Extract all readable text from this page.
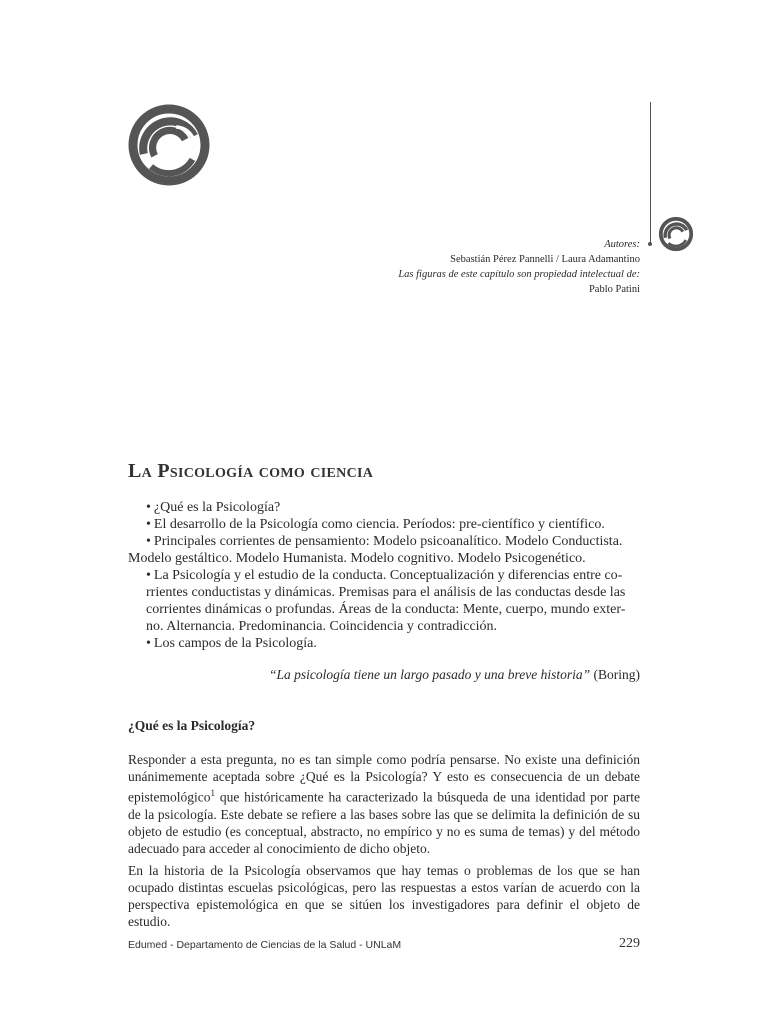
Autores:
Sebastián Pérez Pannelli / Laura Adamantino
Las figuras de este capítulo son propiedad intelectual de:
Pablo Patini
La Psicología como ciencia
• ¿Qué es la Psicología?
• El desarrollo de la Psicología como ciencia. Períodos: pre-científico y científico.
• Principales corrientes de pensamiento: Modelo psicoanalítico. Modelo Conductista.
Modelo gestáltico. Modelo Humanista. Modelo cognitivo. Modelo Psicogenético.
• La Psicología y el estudio de la conducta. Conceptualización y diferencias entre co-
rrientes conductistas y dinámicas. Premisas para el análisis de las conductas desde las
corrientes dinámicas o profundas. Áreas de la conducta: Mente, cuerpo, mundo exter-
no. Alternancia. Predominancia. Coincidencia y contradicción.
• Los campos de la Psicología.
“La psicología tiene un largo pasado y una breve historia” (Boring)
¿Qué es la Psicología?

Responder a esta pregunta, no es tan simple como podría pensarse. No existe una definición unánimemente aceptada sobre ¿Qué es la Psicología? Y esto es consecuencia de un debate epistemológico$^1$ que históricamente ha caracterizado la búsqueda de una identidad por parte de la psicología. Este debate se refiere a las bases sobre las que se delimita la definición de su objeto de estudio (es conceptual, abstracto, no empírico y no es suma de temas) y del método adecuado para acceder al conocimiento de dicho objeto.

En la historia de la Psicología observamos que hay temas o problemas de los que se han ocupado distintas escuelas psicológicas, pero las respuestas a estos varían de acuerdo con la perspectiva epistemológica en que se sitúen los investigadores para definir el objeto de estudio.

Edumed - Departamento de Ciencias de la Salud - UNLaM	229
